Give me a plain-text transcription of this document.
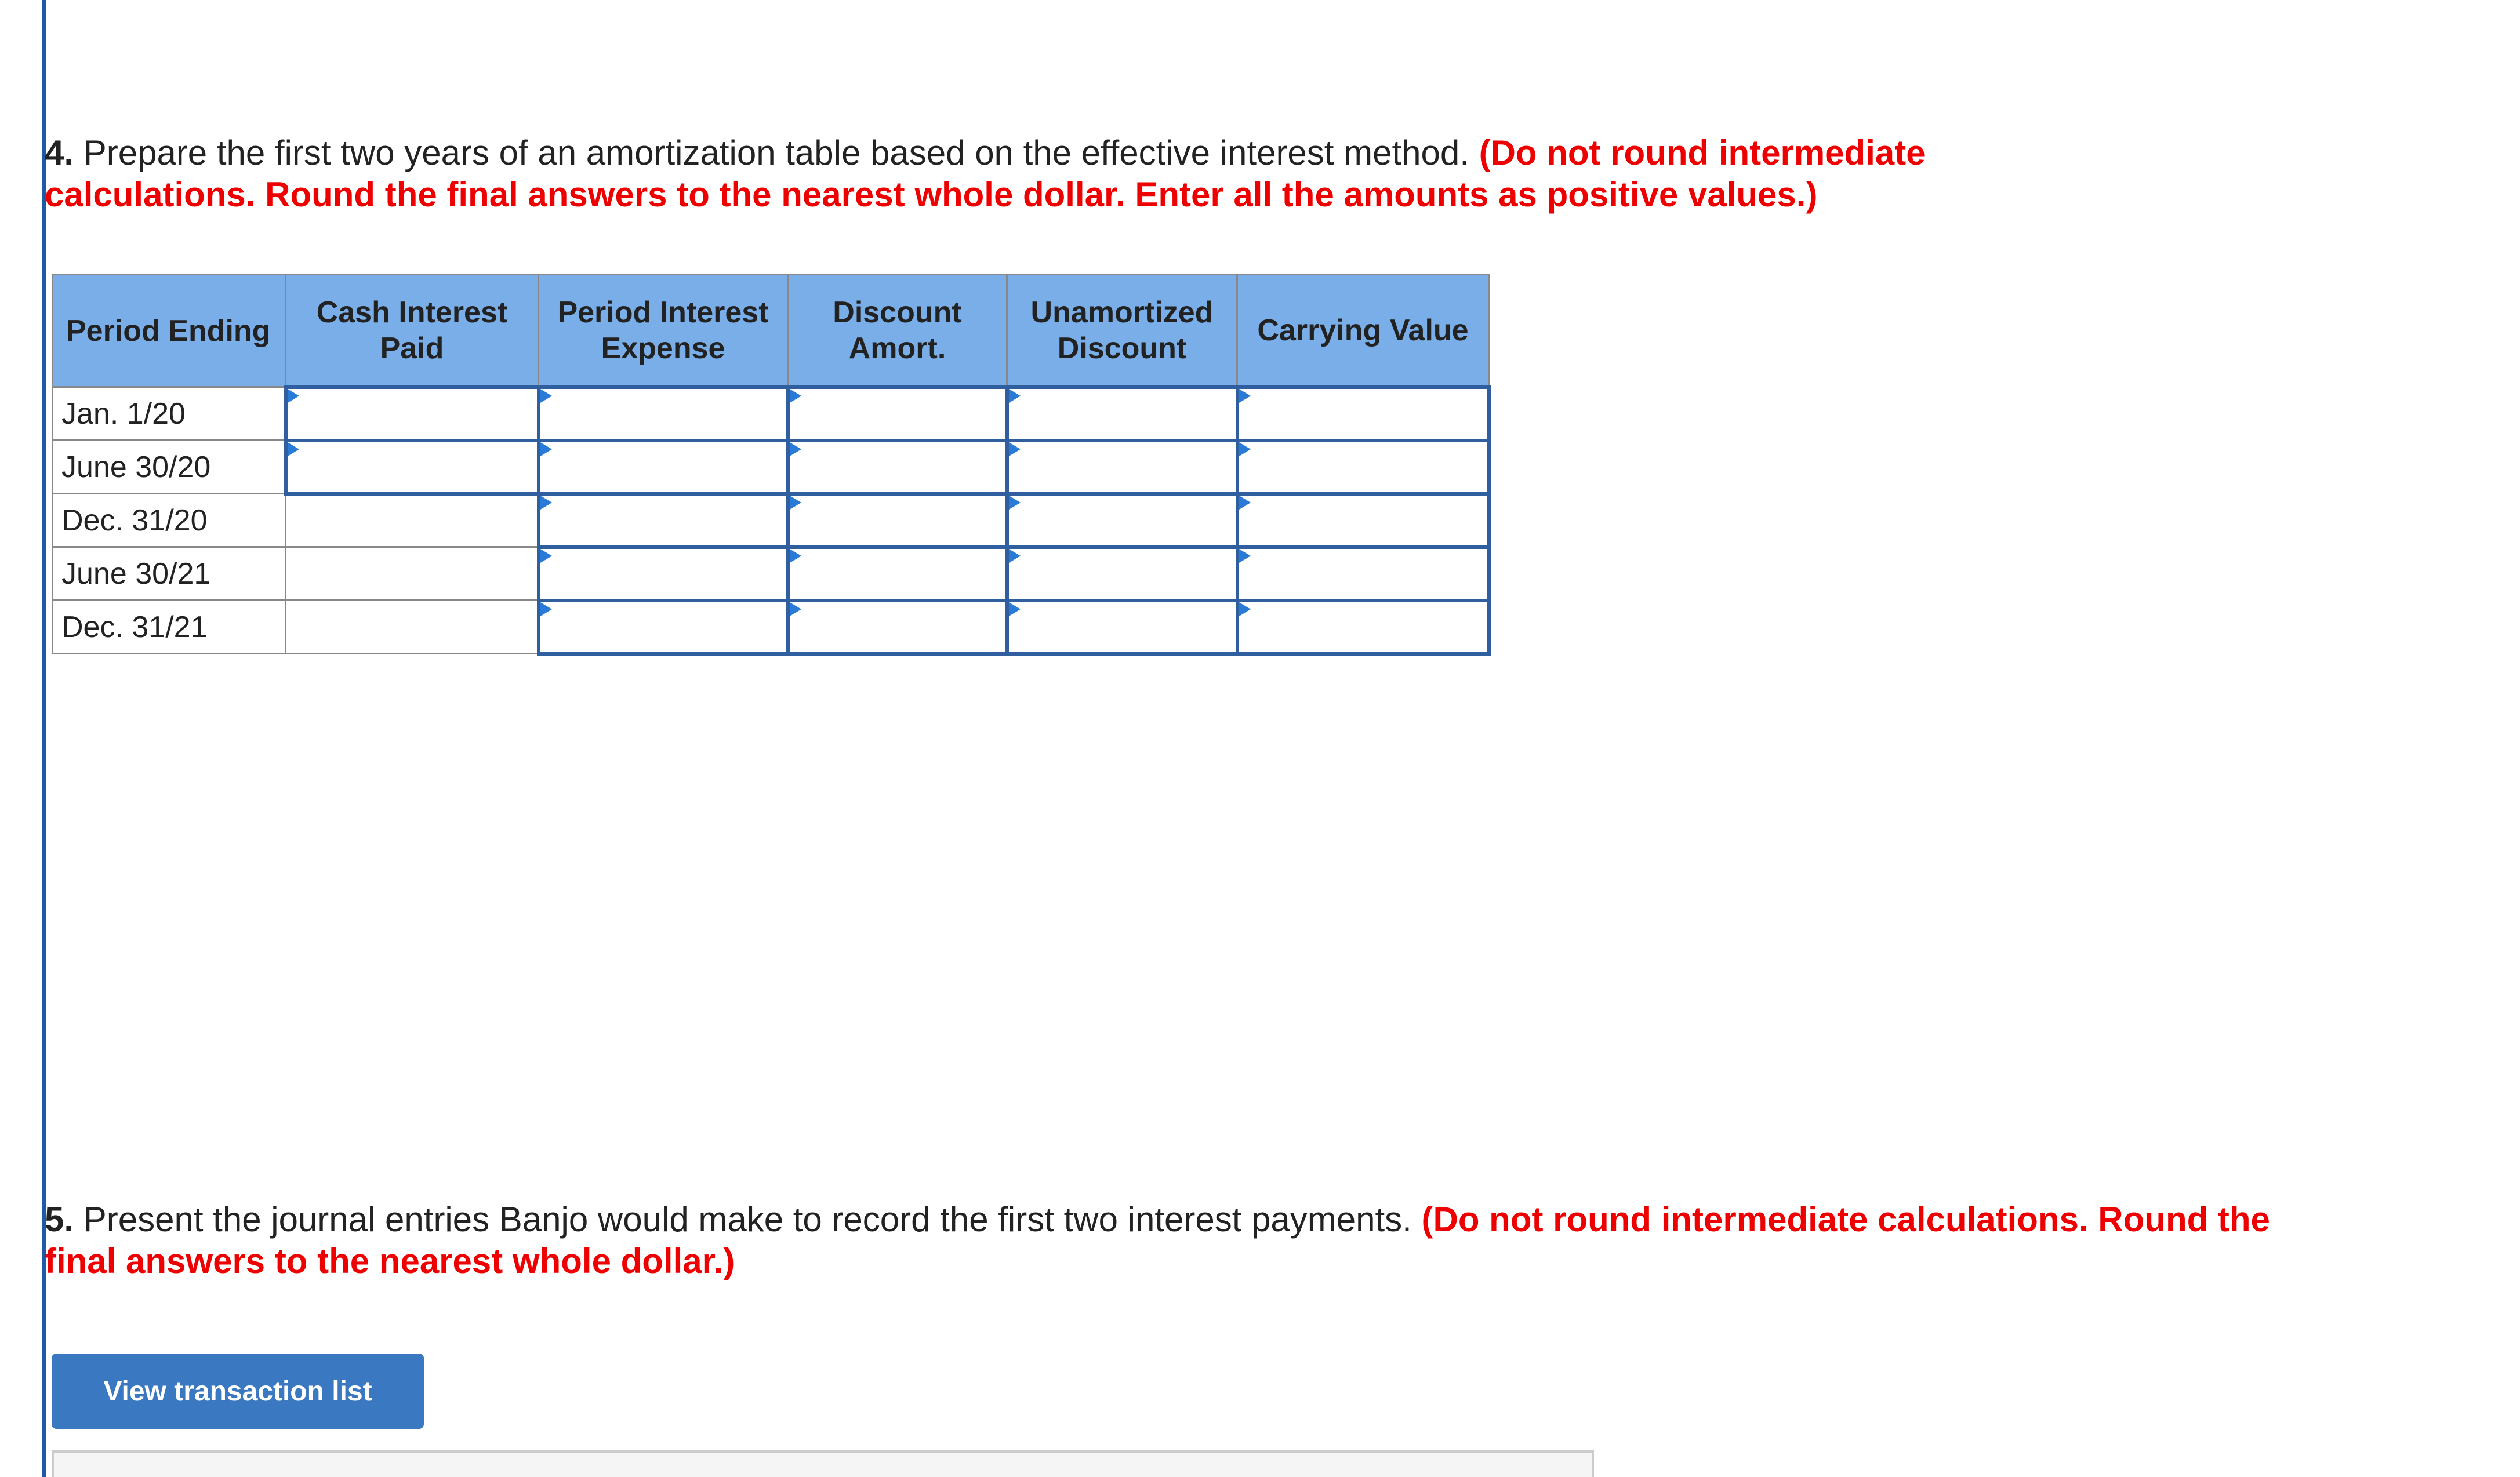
4. Prepare the first two years of an amortization table based on the effective interest method. (Do not round intermediate calculations. Round the final answers to the nearest whole dollar. Enter all the amounts as positive values.)
Period Ending	Cash Interest Paid	Period Interest Expense	Discount Amort.	Unamortized Discount	Carrying Value
Jan. 1/20					
June 30/20					
Dec. 31/20					
June 30/21					
Dec. 31/21					
5. Present the journal entries Banjo would make to record the first two interest payments. (Do not round intermediate calculations. Round the final answers to the nearest whole dollar.)
View transaction list
